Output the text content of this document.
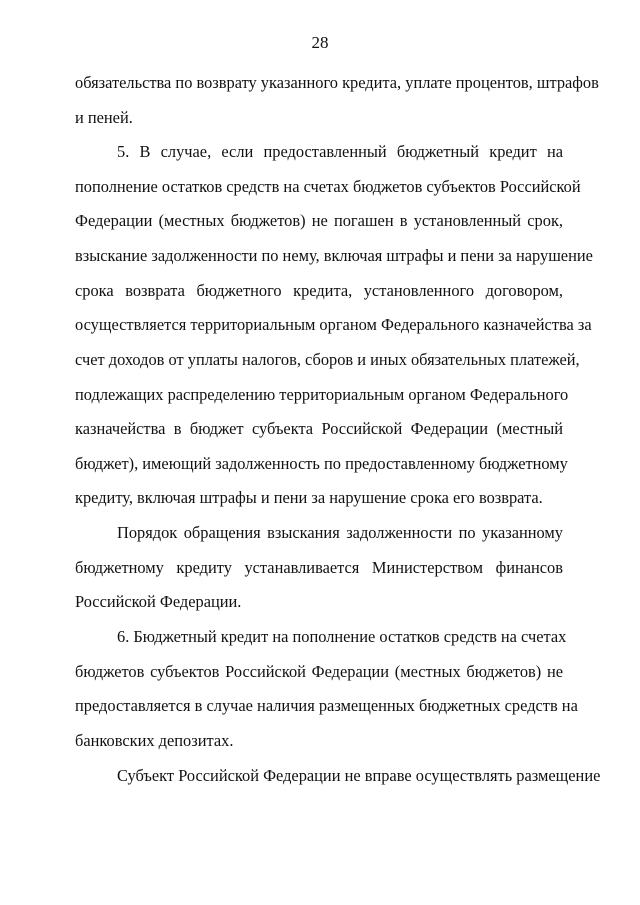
28
обязательства по возврату указанного кредита, уплате процентов, штрафов
и пеней.
5. В случае, если предоставленный бюджетный кредит на
пополнение остатков средств на счетах бюджетов субъектов Российской
Федерации (местных бюджетов) не погашен в установленный срок,
взыскание задолженности по нему, включая штрафы и пени за нарушение
срока возврата бюджетного кредита, установленного договором,
осуществляется территориальным органом Федерального казначейства за
счет доходов от уплаты налогов, сборов и иных обязательных платежей,
подлежащих распределению территориальным органом Федерального
казначейства в бюджет субъекта Российской Федерации (местный
бюджет), имеющий задолженность по предоставленному бюджетному
кредиту, включая штрафы и пени за нарушение срока его возврата.
Порядок обращения взыскания задолженности по указанному
бюджетному кредиту устанавливается Министерством финансов
Российской Федерации.
6. Бюджетный кредит на пополнение остатков средств на счетах
бюджетов субъектов Российской Федерации (местных бюджетов) не
предоставляется в случае наличия размещенных бюджетных средств на
банковских депозитах.
Субъект Российской Федерации не вправе осуществлять размещение
